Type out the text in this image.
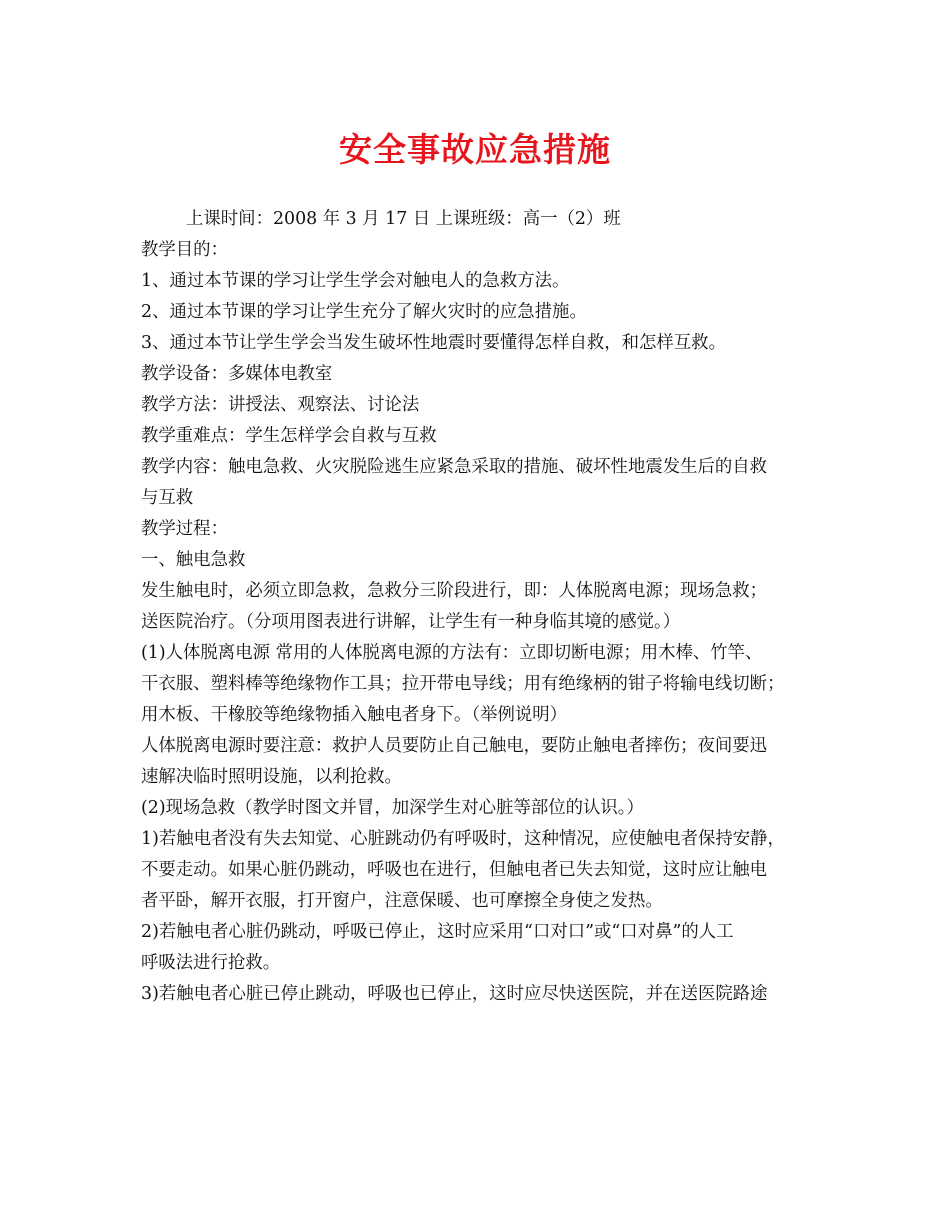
安全事故应急措施
上课时间：2008 年 3 月 17 日 上课班级：高一（2）班
教学目的：
1、通过本节课的学习让学生学会对触电人的急救方法。
2、通过本节课的学习让学生充分了解火灾时的应急措施。
3、通过本节让学生学会当发生破坏性地震时要懂得怎样自救，和怎样互救。
教学设备：多媒体电教室
教学方法：讲授法、观察法、讨论法
教学重难点：学生怎样学会自救与互救
教学内容：触电急救、火灾脱险逃生应紧急采取的措施、破坏性地震发生后的自救
与互救
教学过程：
一、触电急救
发生触电时，必须立即急救，急救分三阶段进行，即：人体脱离电源；现场急救；
送医院治疗。（分项用图表进行讲解，让学生有一种身临其境的感觉。）
(1)人体脱离电源 常用的人体脱离电源的方法有：立即切断电源；用木棒、竹竿、
干衣服、塑料棒等绝缘物作工具；拉开带电导线；用有绝缘柄的钳子将输电线切断；
用木板、干橡胶等绝缘物插入触电者身下。（举例说明）
人体脱离电源时要注意：救护人员要防止自己触电，要防止触电者摔伤；夜间要迅
速解决临时照明设施，以利抢救。
(2)现场急救（教学时图文并冒，加深学生对心脏等部位的认识。）
1)若触电者没有失去知觉、心脏跳动仍有呼吸时，这种情况，应使触电者保持安静，
不要走动。如果心脏仍跳动，呼吸也在进行，但触电者已失去知觉，这时应让触电
者平卧，解开衣服，打开窗户，注意保暖、也可摩擦全身使之发热。
2)若触电者心脏仍跳动，呼吸已停止，这时应采用“口对口”或“口对鼻”的人工
呼吸法进行抢救。
3)若触电者心脏已停止跳动，呼吸也已停止，这时应尽快送医院，并在送医院路途
